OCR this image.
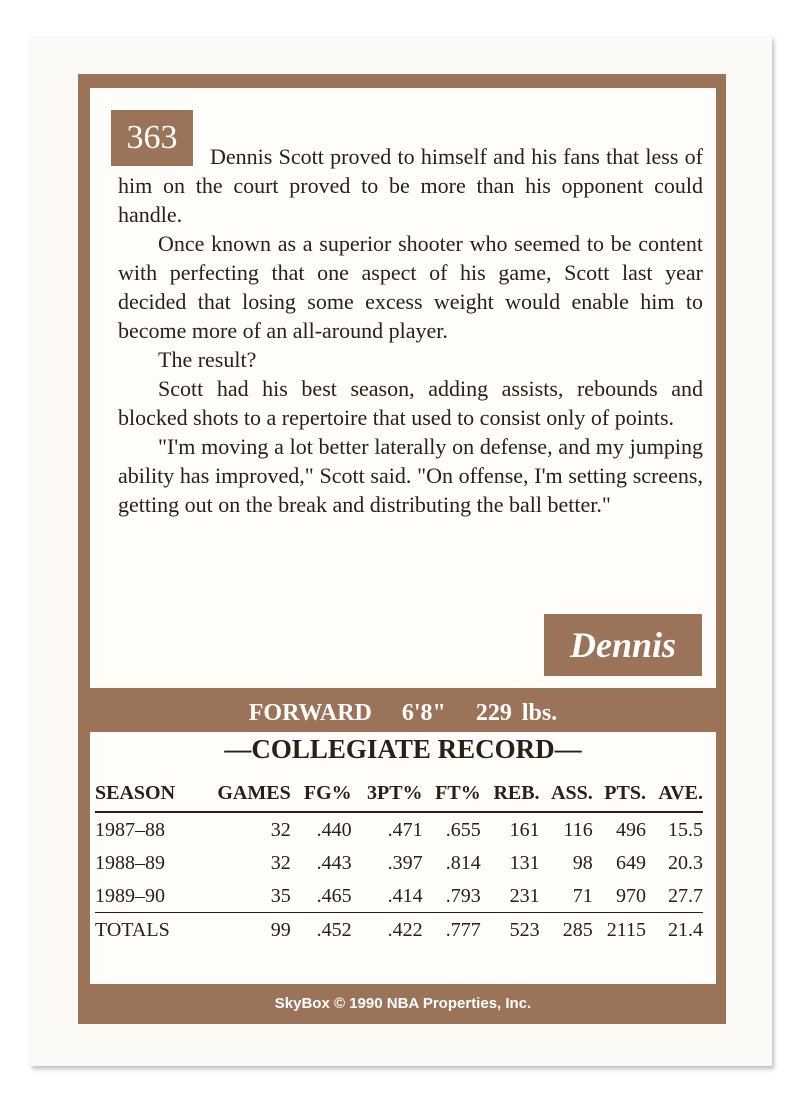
363

Dennis Scott proved to himself and his fans that less of him on the court proved to be more than his opponent could handle.

Once known as a superior shooter who seemed to be content with perfecting that one aspect of his game, Scott last year decided that losing some excess weight would enable him to become more of an all-around player.

The result?

Scott had his best season, adding assists, rebounds and blocked shots to a repertoire that used to consist only of points.

"I'm moving a lot better laterally on defense, and my jumping ability has improved," Scott said. "On offense, I'm setting screens, getting out on the break and distributing the ball better."

Dennis
FORWARD 6'8" 229 lbs.
—COLLEGIATE RECORD—
SEASON	GAMES	FG%	3PT%	FT%	REB.	ASS.	PTS.	AVE.
1987–88	32	.440	.471	.655	161	116	496	15.5
1988–89	32	.443	.397	.814	131	98	649	20.3
1989–90	35	.465	.414	.793	231	71	970	27.7
TOTALS	99	.452	.422	.777	523	285	2115	21.4
SkyBox © 1990 NBA Properties, Inc.
